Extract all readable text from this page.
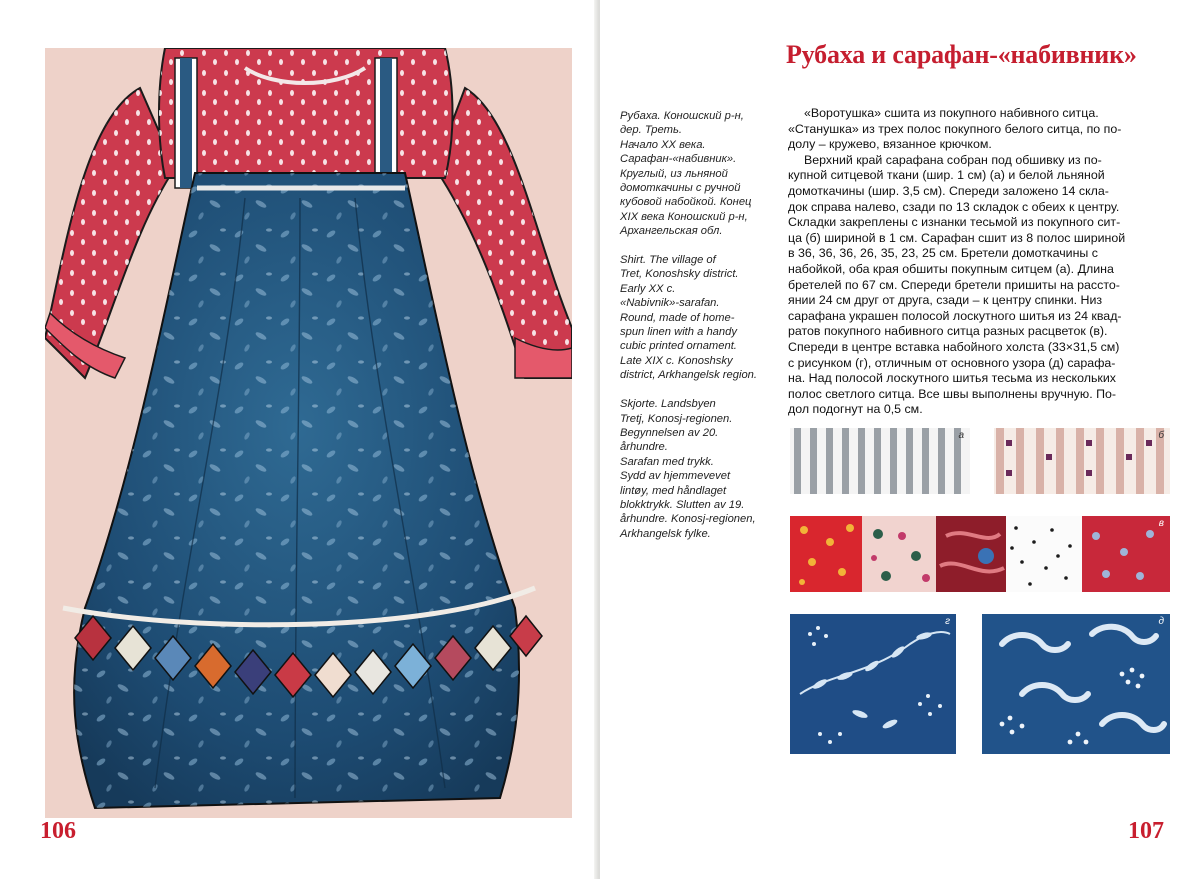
106
Рубаха и сарафан-«набивник»

Рубаха. Коношский р-н,
дер. Треть.
Начало XX века.
Сарафан-«набивник».
Круглый, из льняной
домоткачины с ручной
кубовой набойкой. Конец
XIX века Коношский р-н,
Архангельская обл.

Shirt. The village of
Tret, Konoshsky district.
Early XX c.
«Nabivnik»-sarafan.
Round, made of home-
spun linen with a handy
cubic printed ornament.
Late XIX c. Konoshsky
district, Arkhangelsk region.

Skjorte. Landsbyen
Tretj, Konosj-regionen.
Begynnelsen av 20.
århundre.
Sarafan med trykk.
Sydd av hjemmevevet
lintøy, med håndlaget
blokktrykk. Slutten av 19.
århundre. Konosj-regionen,
Arkhangelsk fylke.

«Воротушка» сшита из покупного набивного ситца.
«Станушка» из трех полос покупного белого ситца, по по-
долу – кружево, вязанное крючком.

Верхний край сарафана собран под обшивку из по-
купной ситцевой ткани (шир. 1 см) (а) и белой льняной
домоткачины (шир. 3,5 см). Спереди заложено 14 скла-
док справа налево, сзади по 13 складок с обеих к центру.
Складки закреплены с изнанки тесьмой из покупного сит-
ца (б) шириной в 1 см. Сарафан сшит из 8 полос шириной
в 36, 36, 36, 26, 35, 23, 25 см. Бретели домоткачины с
набойкой, оба края обшиты покупным ситцем (а). Длина
бретелей по 67 см. Спереди бретели пришиты на рассто-
янии 24 см друг от друга, сзади – к центру спинки. Низ
сарафана украшен полосой лоскутного шитья из 24 квад-
ратов покупного набивного ситца разных расцветок (в).
Спереди в центре вставка набойного холста (33×31,5 см)
с рисунком (г), отличным от основного узора (д) сарафа-
на. Над полосой лоскутного шитья тесьма из нескольких
полос светлого ситца. Все швы выполнены вручную. По-
дол подогнут на 0,5 см.

а	б
в
г	д
107
